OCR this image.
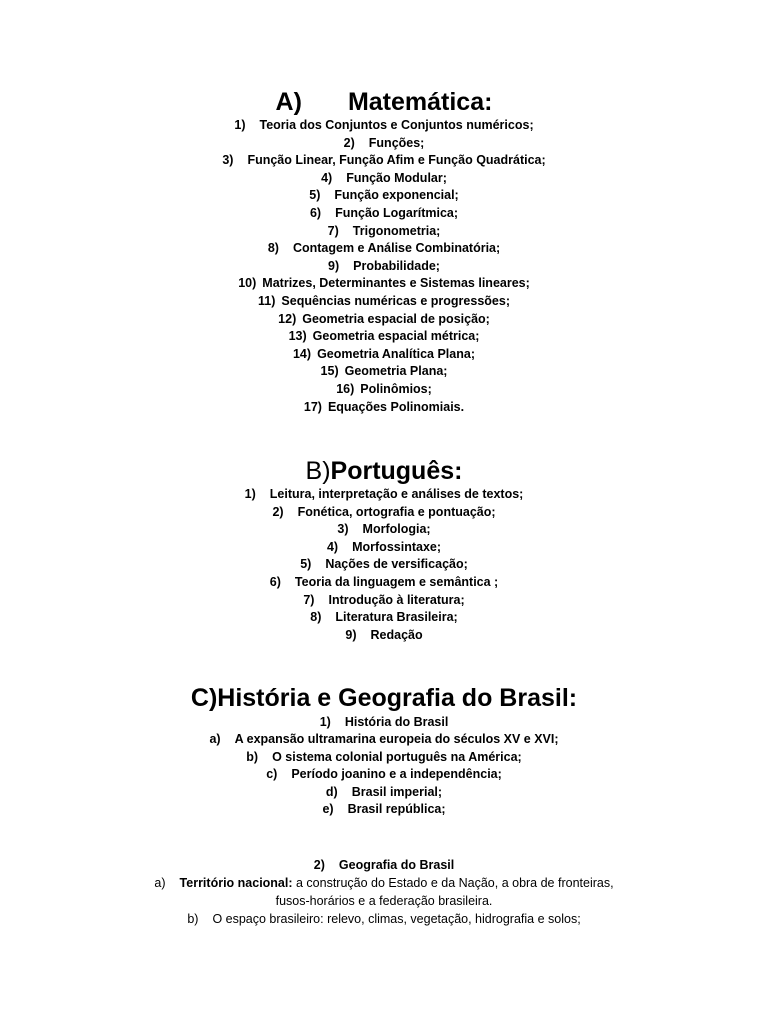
A) Matemática:
1) Teoria dos Conjuntos e Conjuntos numéricos;
2) Funções;
3) Função Linear, Função Afim e Função Quadrática;
4) Função Modular;
5) Função exponencial;
6) Função Logarítmica;
7) Trigonometria;
8) Contagem e Análise Combinatória;
9) Probabilidade;
10) Matrizes, Determinantes e Sistemas lineares;
11) Sequências numéricas e progressões;
12) Geometria espacial de posição;
13) Geometria espacial métrica;
14) Geometria Analítica Plana;
15) Geometria Plana;
16) Polinômios;
17) Equações Polinomiais.
B)Português:
1) Leitura, interpretação e análises de textos;
2) Fonética, ortografia e pontuação;
3) Morfologia;
4) Morfossintaxe;
5) Nações de versificação;
6) Teoria da linguagem e semântica ;
7) Introdução à literatura;
8) Literatura Brasileira;
9) Redação
C)História e Geografia do Brasil:
1) História do Brasil
a) A expansão ultramarina europeia do séculos XV e XVI;
b) O sistema colonial português na América;
c) Período joanino e a independência;
d) Brasil imperial;
e) Brasil república;
2) Geografia do Brasil
a) Território nacional: a construção do Estado e da Nação, a obra de fronteiras,
fusos-horários e a federação brasileira.
b) O espaço brasileiro: relevo, climas, vegetação, hidrografia e solos;
